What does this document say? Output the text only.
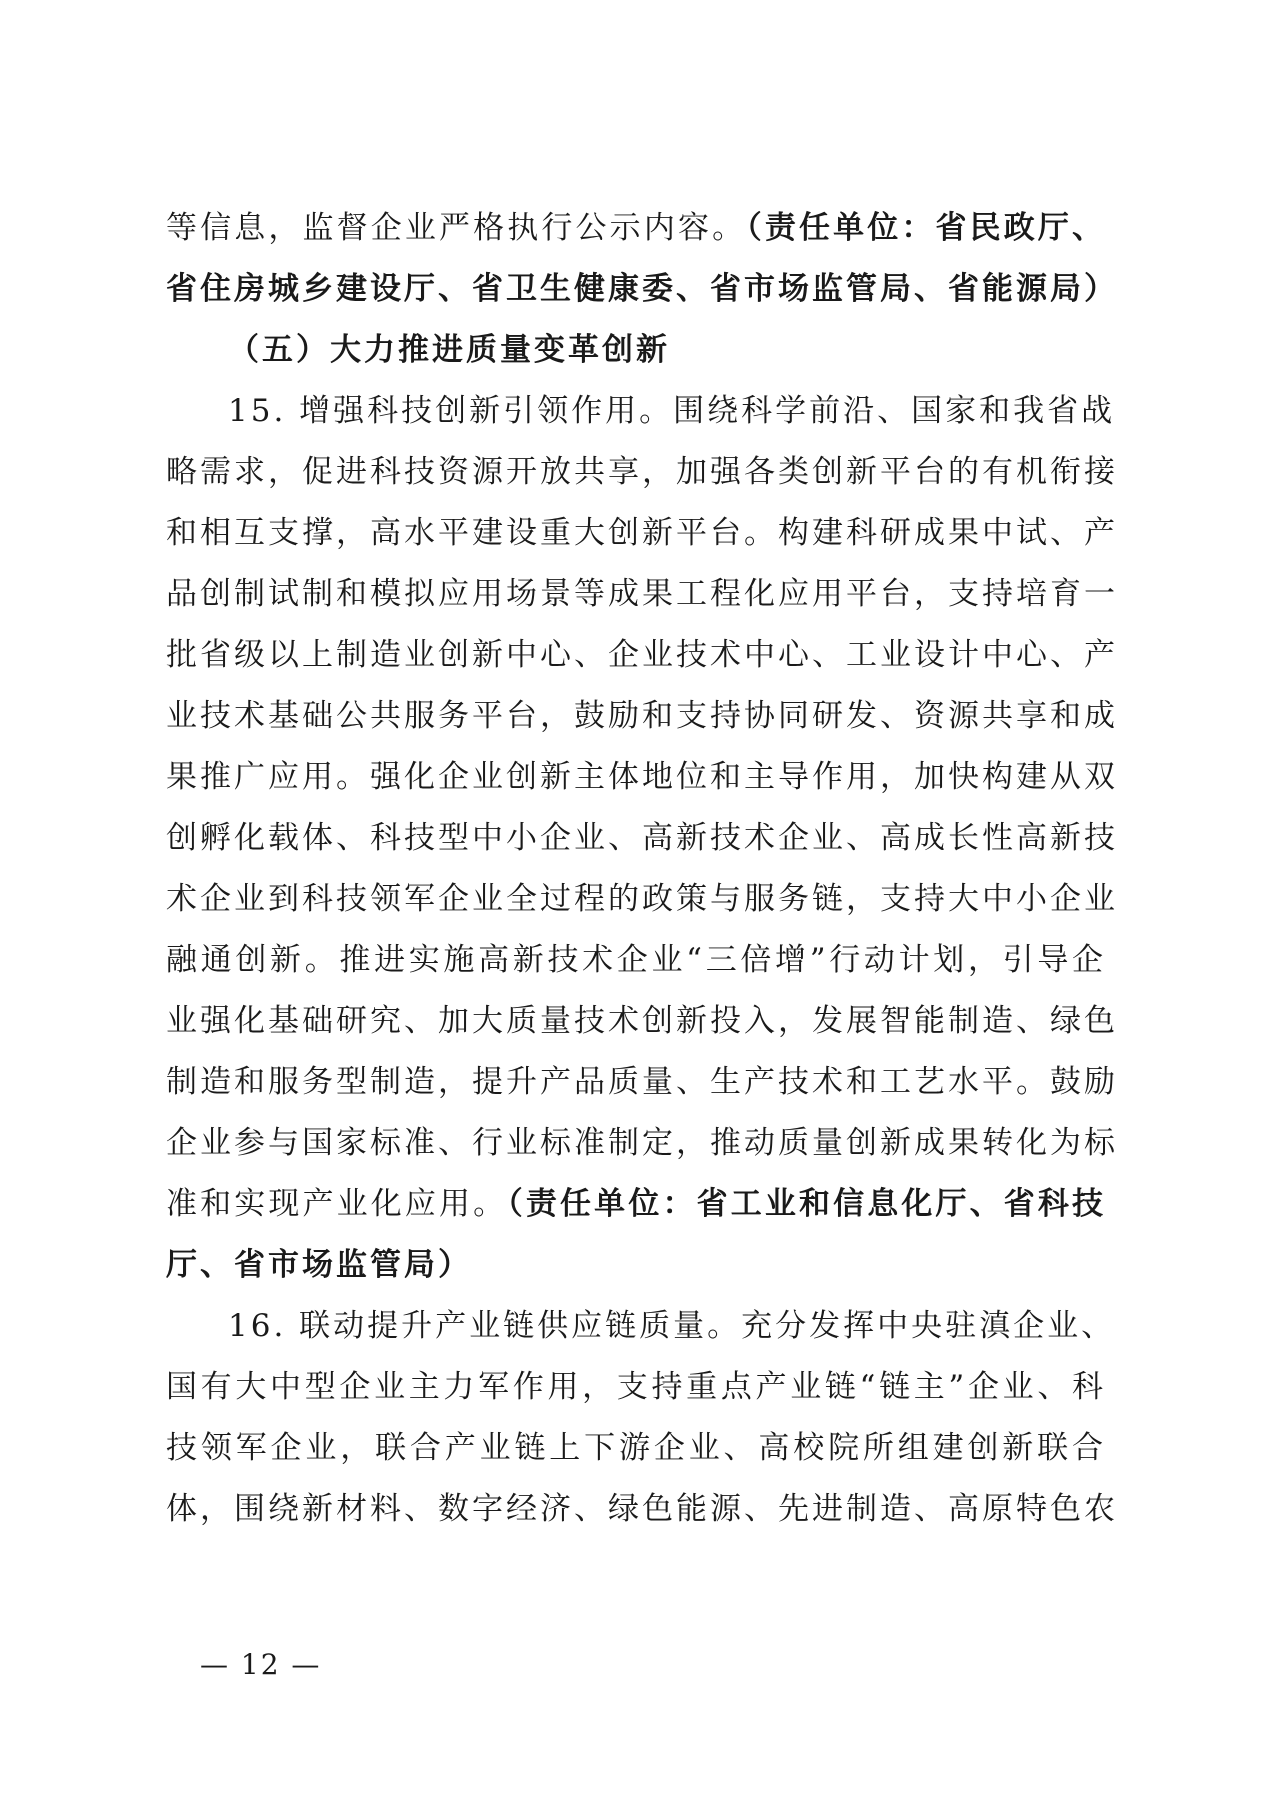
等信息，监督企业严格执行公示内容。（责任单位：省民政厅、
省住房城乡建设厅、省卫生健康委、省市场监管局、省能源局）
（五）大力推进质量变革创新
15. 增强科技创新引领作用。围绕科学前沿、国家和我省战
略需求，促进科技资源开放共享，加强各类创新平台的有机衔接
和相互支撑，高水平建设重大创新平台。构建科研成果中试、产
品创制试制和模拟应用场景等成果工程化应用平台，支持培育一
批省级以上制造业创新中心、企业技术中心、工业设计中心、产
业技术基础公共服务平台，鼓励和支持协同研发、资源共享和成
果推广应用。强化企业创新主体地位和主导作用，加快构建从双
创孵化载体、科技型中小企业、高新技术企业、高成长性高新技
术企业到科技领军企业全过程的政策与服务链，支持大中小企业
融通创新。推进实施高新技术企业“三倍增”行动计划，引导企
业强化基础研究、加大质量技术创新投入，发展智能制造、绿色
制造和服务型制造，提升产品质量、生产技术和工艺水平。鼓励
企业参与国家标准、行业标准制定，推动质量创新成果转化为标
准和实现产业化应用。（责任单位：省工业和信息化厅、省科技
厅、省市场监管局）
16. 联动提升产业链供应链质量。充分发挥中央驻滇企业、
国有大中型企业主力军作用，支持重点产业链“链主”企业、科
技领军企业，联合产业链上下游企业、高校院所组建创新联合
体，围绕新材料、数字经济、绿色能源、先进制造、高原特色农
— 12 —
